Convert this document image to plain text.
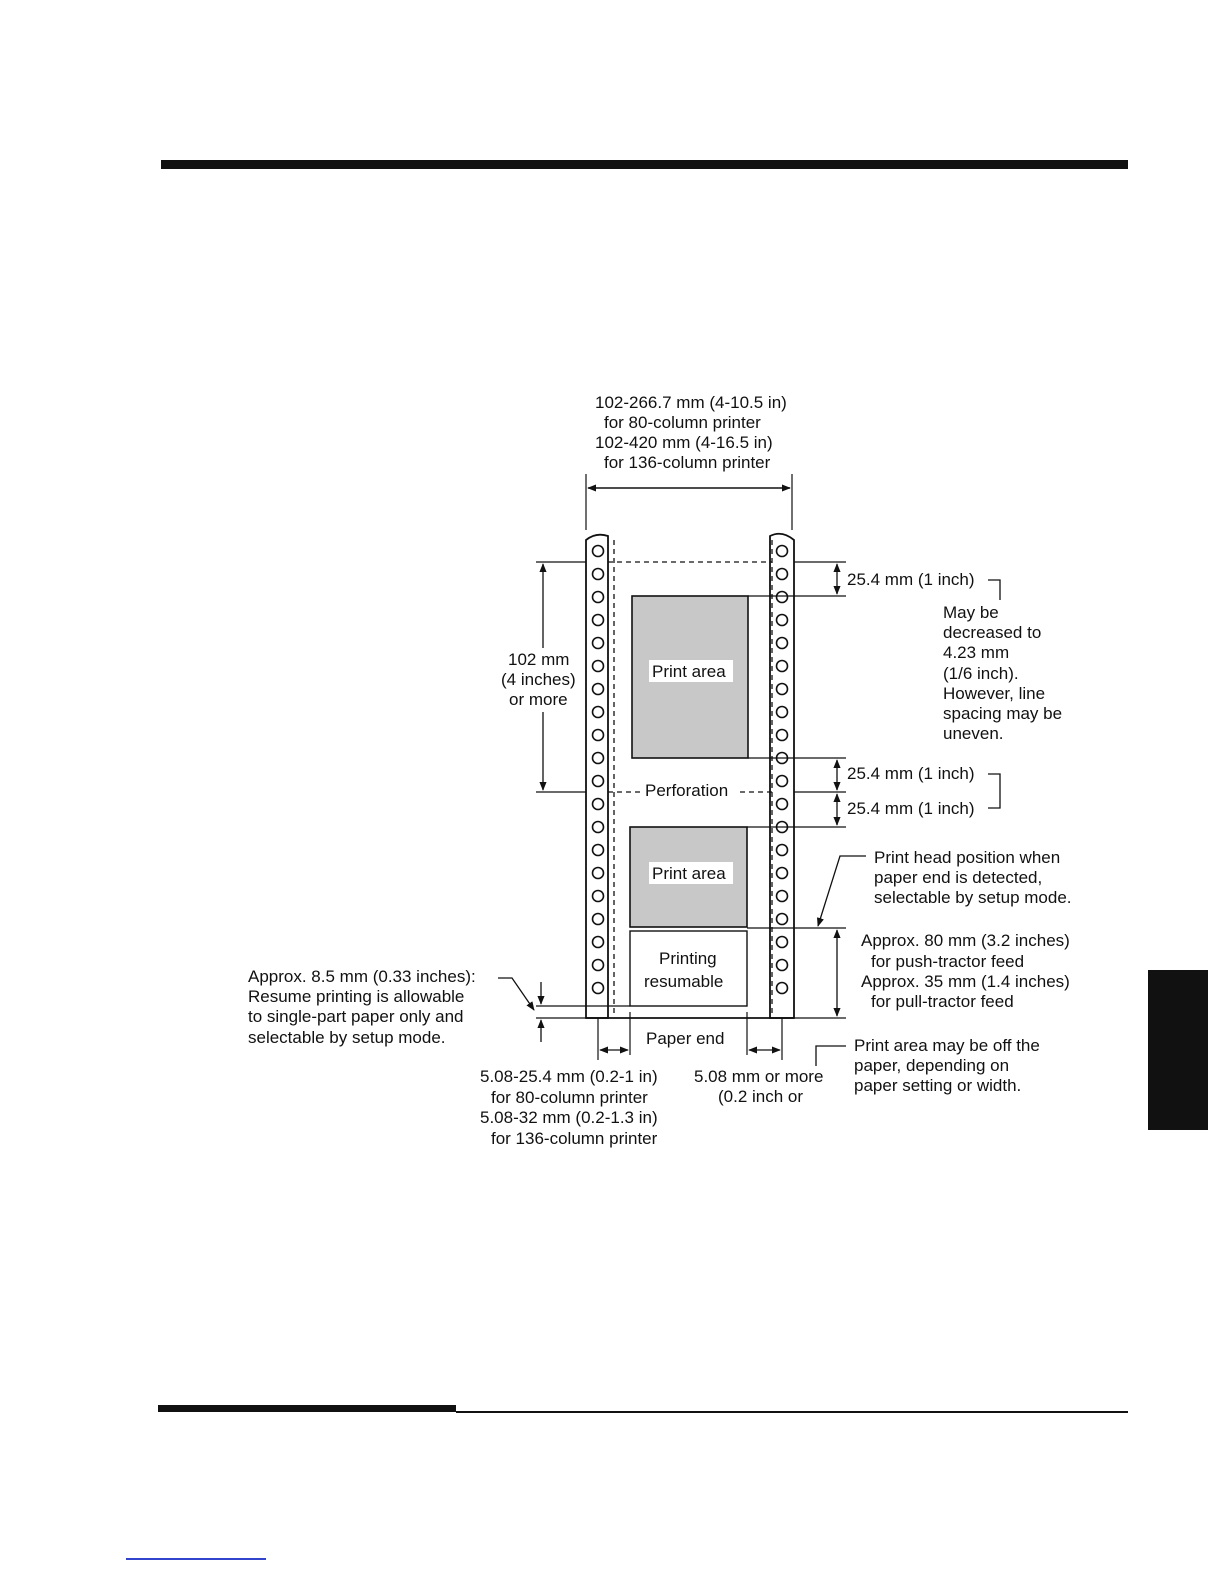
102-266.7 mm (4-10.5 in) for 80-column printer 102-420 mm (4-16.5 in) for 136-column printer
Perforation
Print area
Print area
Printing resumable
Paper end
102 mm (4 inches) or more
25.4 mm (1 inch)
25.4 mm (1 inch)
25.4 mm (1 inch)
May be decreased to 4.23 mm (1/6 inch). However, line spacing may be uneven.
Print head position when paper end is detected, selectable by setup mode.
Approx. 80 mm (3.2 inches) for push-tractor feed Approx. 35 mm (1.4 inches) for pull-tractor feed
Approx. 8.5 mm (0.33 inches): Resume printing is allowable to single-part paper only and selectable by setup mode.
5.08-25.4 mm (0.2-1 in) for 80-column printer 5.08-32 mm (0.2-1.3 in) for 136-column printer
5.08 mm or more (0.2 inch or
Print area may be off the paper, depending on paper setting or width.
